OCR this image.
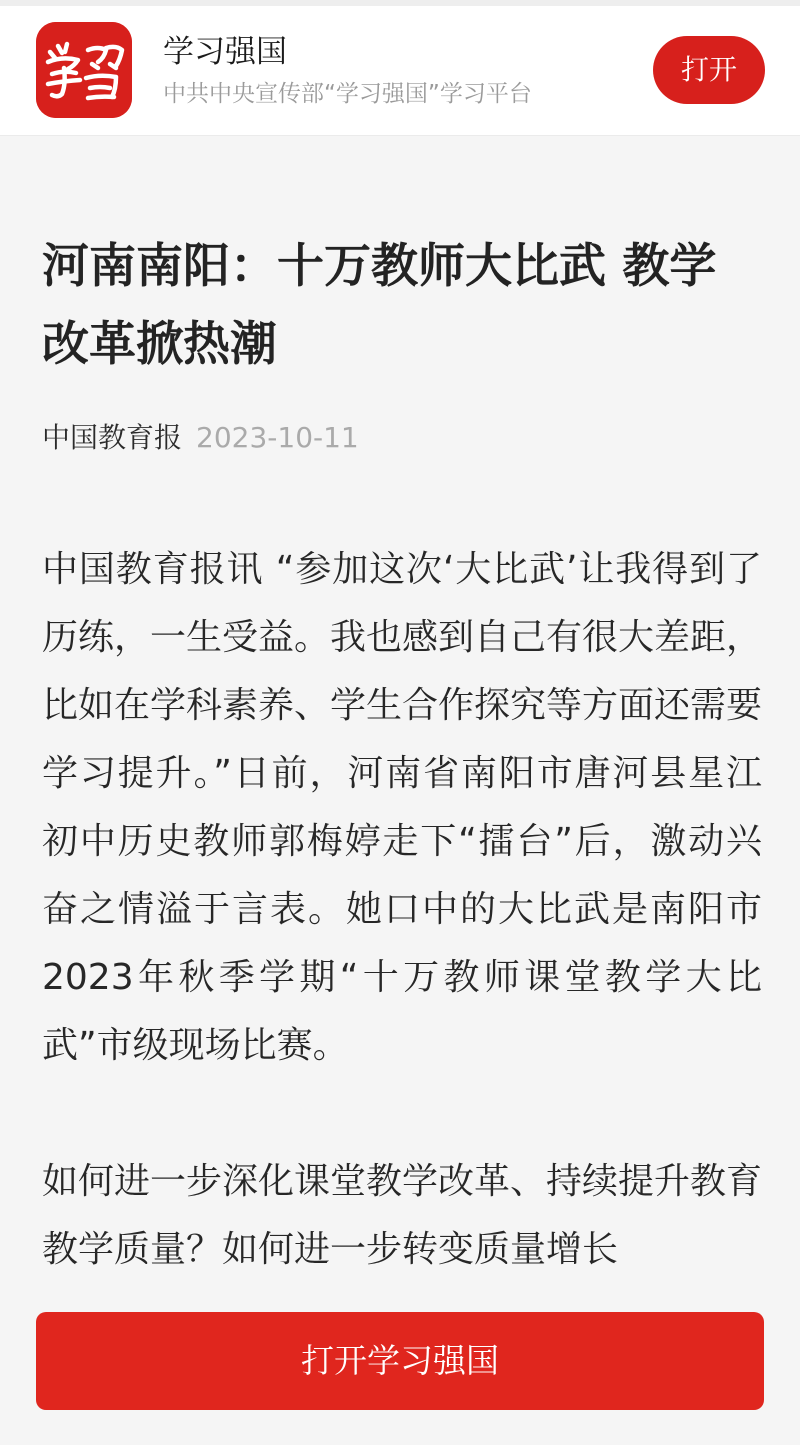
学习强国
中共中央宣传部“学习强国”学习平台
打开
河南南阳：十万教师大比武 教学改革掀热潮
中国教育报 2023-10-11

中国教育报讯 “参加这次‘大比武’让我得到了历练，一生受益。我也感到自己有很大差距，比如在学科素养、学生合作探究等方面还需要学习提升。”日前，河南省南阳市唐河县星江初中历史教师郭梅婷走下“擂台”后，激动兴奋之情溢于言表。她口中的大比武是南阳市2023年秋季学期“十万教师课堂教学大比武”市级现场比赛。

如何进一步深化课堂教学改革、持续提升教育教学质量？如何进一步转变质量增长

打开学习强国
